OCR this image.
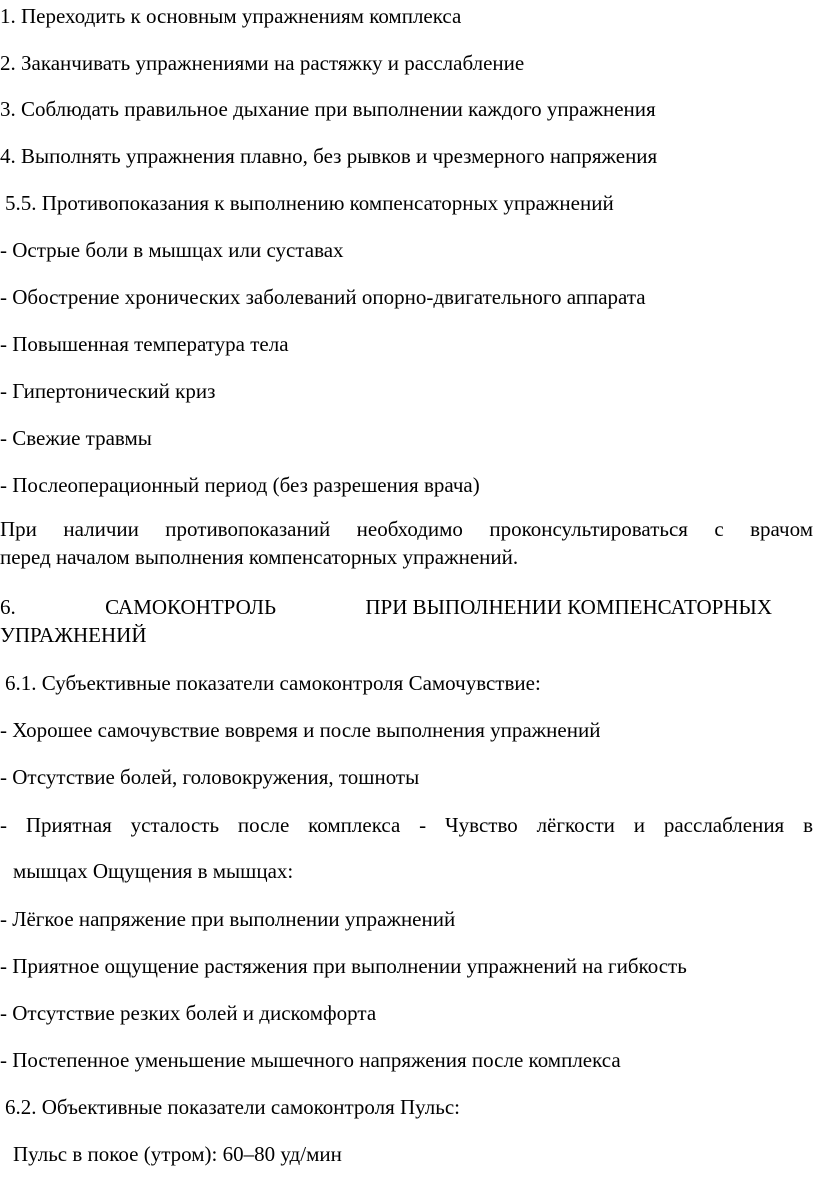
1. Переходить к основным упражнениям комплекса
2. Заканчивать упражнениями на растяжку и расслабление
3. Соблюдать правильное дыхание при выполнении каждого упражнения
4. Выполнять упражнения плавно, без рывков и чрезмерного напряжения
5.5. Противопоказания к выполнению компенсаторных упражнений
- Острые боли в мышцах или суставах
- Обострение хронических заболеваний опорно-двигательного аппарата
- Повышенная температура тела
- Гипертонический криз
- Свежие травмы
- Послеоперационный период (без разрешения врача)
При наличии противопоказаний необходимо проконсультироваться с врачом
перед началом выполнения компенсаторных упражнений.
6.	САМОКОНТРОЛЬ	ПРИ ВЫПОЛНЕНИИ КОМПЕНСАТОРНЫХ
УПРАЖНЕНИЙ
6.1. Субъективные показатели самоконтроля Самочувствие:
- Хорошее самочувствие вовремя и после выполнения упражнений
- Отсутствие болей, головокружения, тошноты
- Приятная усталость после комплекса - Чувство лёгкости и расслабления в
мышцах Ощущения в мышцах:
- Лёгкое напряжение при выполнении упражнений
- Приятное ощущение растяжения при выполнении упражнений на гибкость
- Отсутствие резких болей и дискомфорта
- Постепенное уменьшение мышечного напряжения после комплекса
6.2. Объективные показатели самоконтроля Пульс:
Пульс в покое (утром): 60–80 уд/мин
